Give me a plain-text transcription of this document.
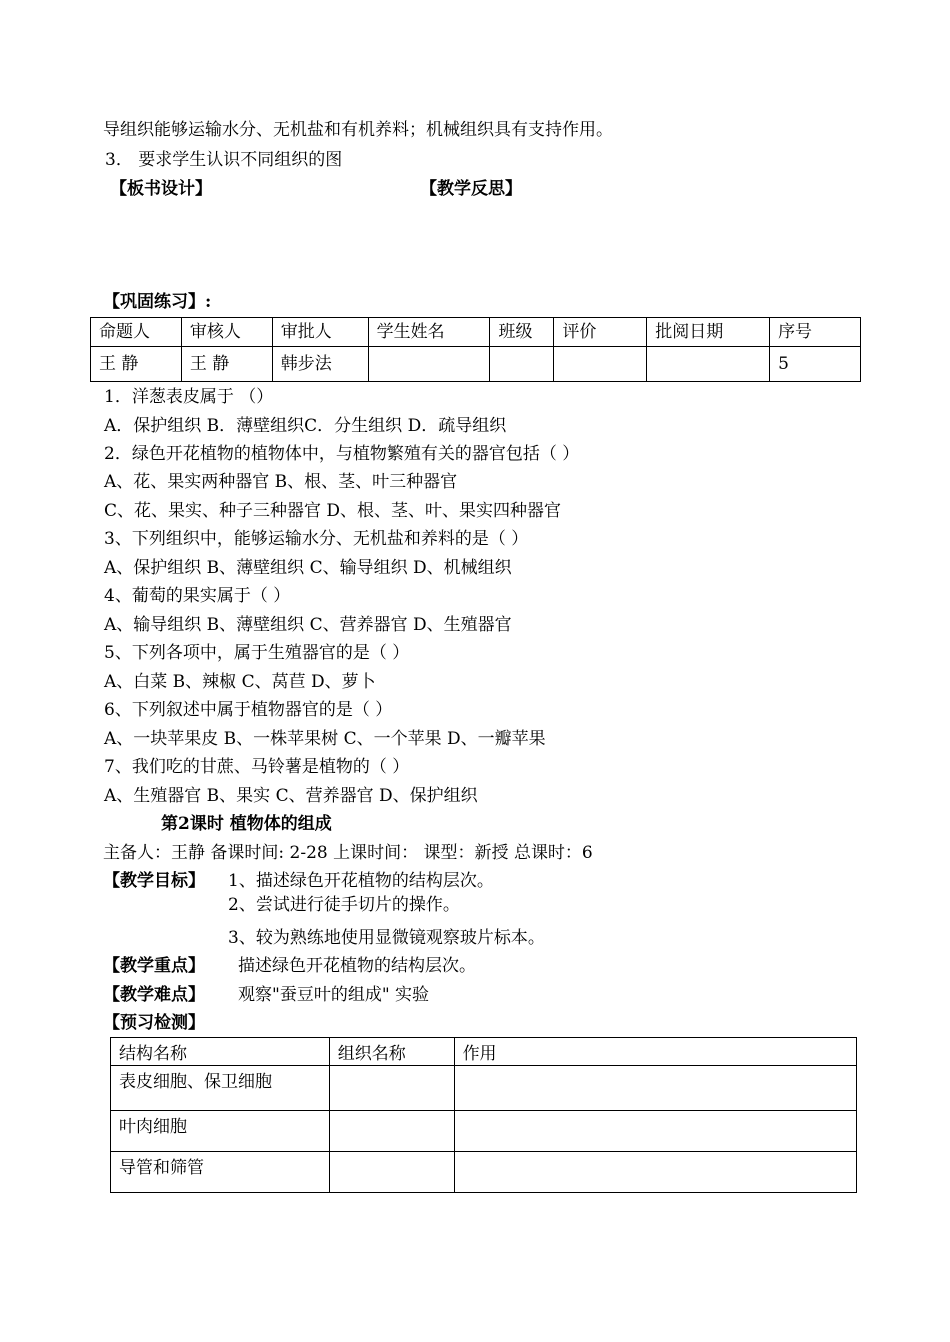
导组织能够运输水分、无机盐和有机养料；机械组织具有支持作用。
3． 要求学生认识不同组织的图
【板书设计】	【教学反思】
【巩固练习】:
命题人	审核人	审批人	学生姓名	班级	评价	批阅日期	序号
王 静	王 静	韩步法					5
1．洋葱表皮属于 （）
A．保护组织 B．薄壁组织C．分生组织 D．疏导组织
2．绿色开花植物的植物体中，与植物繁殖有关的器官包括（ ）
A、花、果实两种器官 B、根、茎、叶三种器官
C、花、果实、种子三种器官 D、根、茎、叶、果实四种器官
3、下列组织中，能够运输水分、无机盐和养料的是（ ）
A、保护组织 B、薄壁组织 C、输导组织 D、机械组织
4、葡萄的果实属于（ ）
A、输导组织 B、薄壁组织 C、营养器官 D、生殖器官
5、下列各项中，属于生殖器官的是（ ）
A、白菜 B、辣椒 C、莴苣 D、萝卜
6、下列叙述中属于植物器官的是（ ）
A、一块苹果皮 B、一株苹果树 C、一个苹果 D、一瓣苹果
7、我们吃的甘蔗、马铃薯是植物的（ ）
A、生殖器官 B、果实 C、营养器官 D、保护组织
第2课时 植物体的组成
主备人：王静 备课时间: 2-28 上课时间： 课型：新授 总课时：6
【教学目标】 1、描述绿色开花植物的结构层次。
2、尝试进行徒手切片的操作。
3、较为熟练地使用显微镜观察玻片标本。
【教学重点】 描述绿色开花植物的结构层次。
【教学难点】 观察"蚕豆叶的组成" 实验
【预习检测】
结构名称	组织名称	作用
表皮细胞、保卫细胞		
叶肉细胞		
导管和筛管		
